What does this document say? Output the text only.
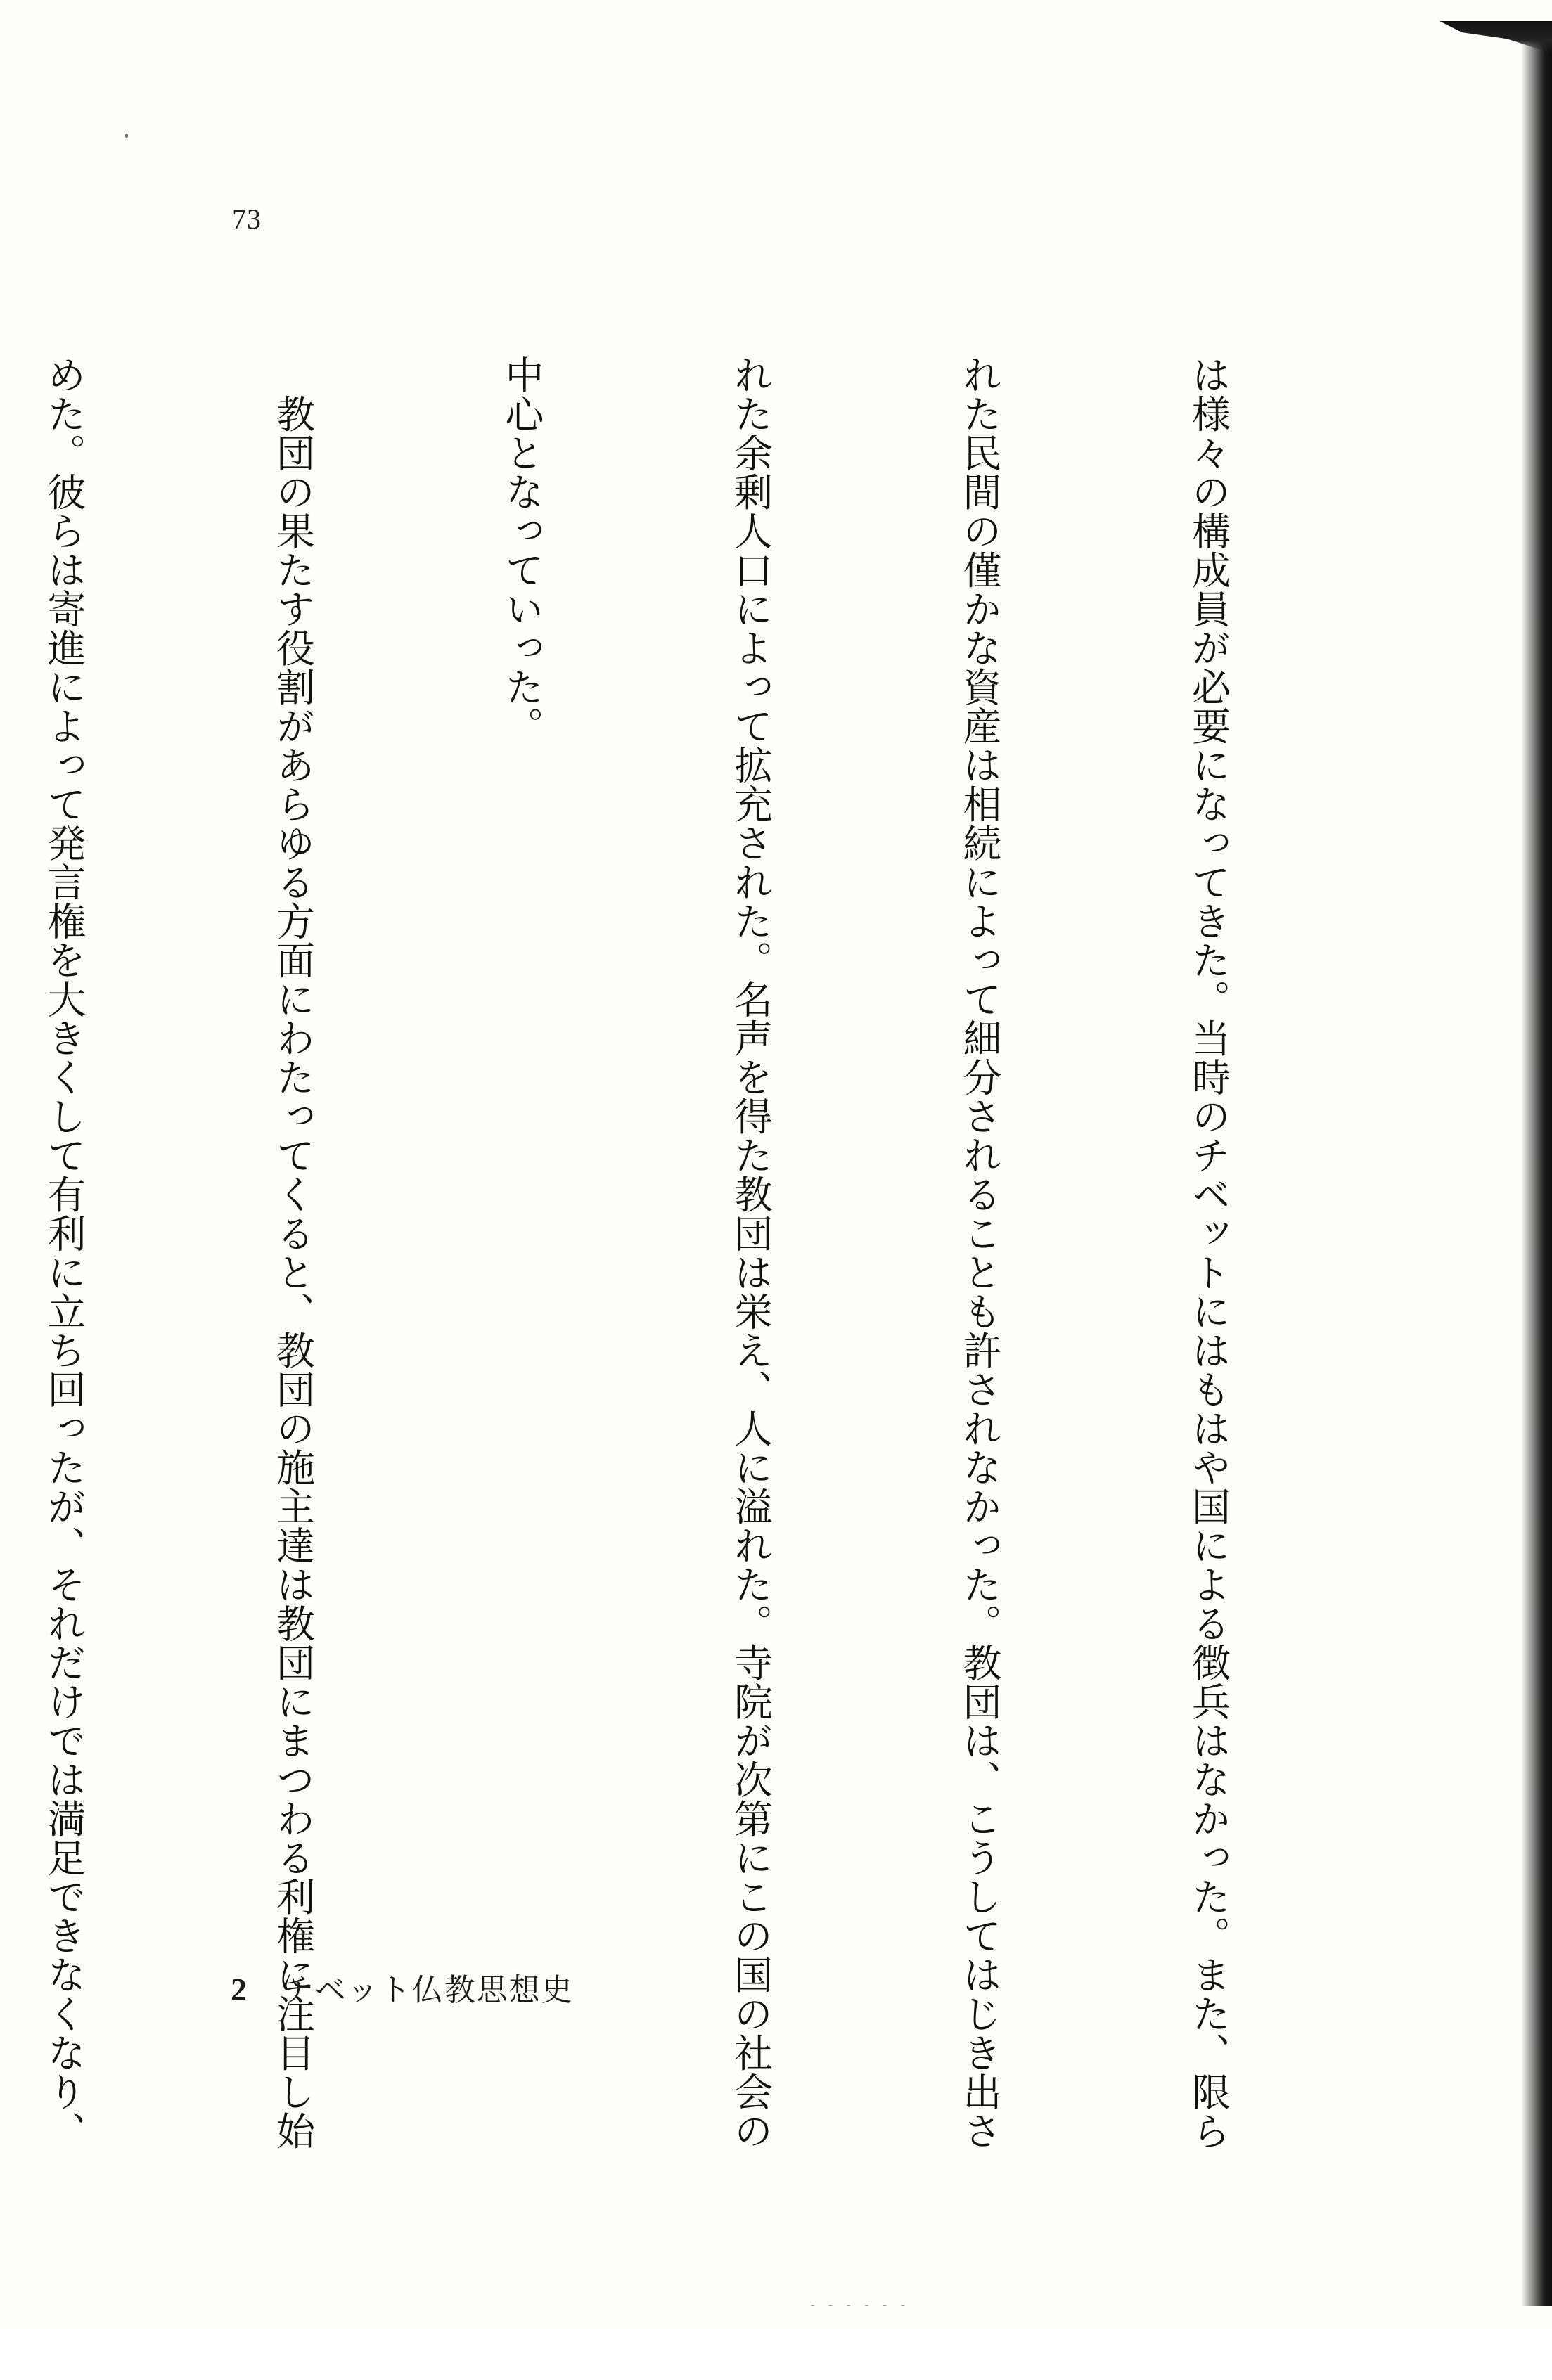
73

は様々の構成員が必要になってきた。当時のチベットにはもはや国による徴兵はなかった。また、限ら

れた民間の僅かな資産は相続によって細分されることも許されなかった。教団は、こうしてはじき出さ

れた余剰人口によって拡充された。名声を得た教団は栄え、人に溢れた。寺院が次第にこの国の社会の

中心となっていった。

　教団の果たす役割があらゆる方面にわたってくると、教団の施主達は教団にまつわる利権に注目し始

めた。彼らは寄進によって発言権を大きくして有利に立ち回ったが、それだけでは満足できなくなり、

	2 チベット仏教思想史
- - - - - -
